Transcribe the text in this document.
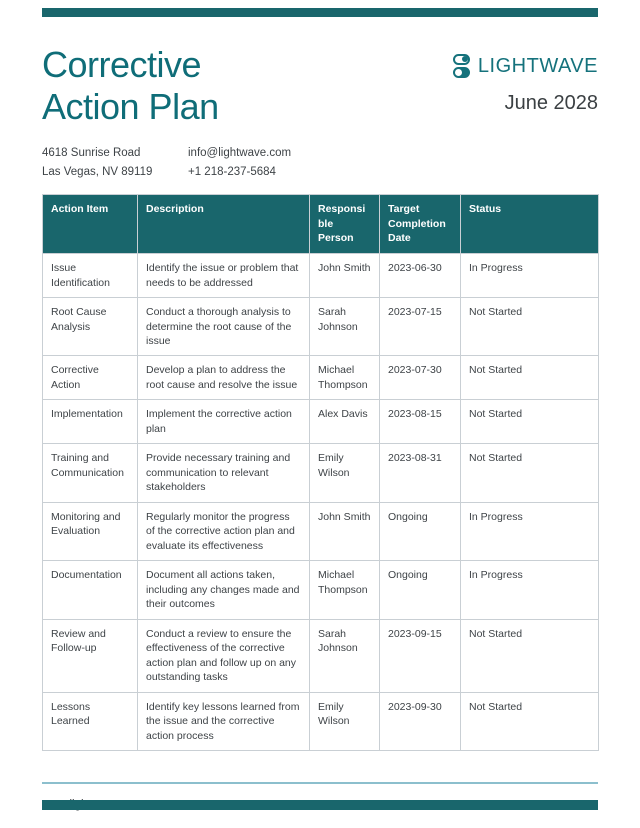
Corrective
Action Plan
LIGHTWAVE
June 2028
4618 Sunrise Road
Las Vegas, NV 89119
info@lightwave.com
+1 218-237-5684
Action Item	Description	Responsible Person	Target Completion Date	Status
Issue Identification	Identify the issue or problem that needs to be addressed	John Smith	2023-06-30	In Progress
Root Cause Analysis	Conduct a thorough analysis to determine the root cause of the issue	Sarah Johnson	2023-07-15	Not Started
Corrective Action	Develop a plan to address the root cause and resolve the issue	Michael Thompson	2023-07-30	Not Started
Implementation	Implement the corrective action plan	Alex Davis	2023-08-15	Not Started
Training and Communication	Provide necessary training and communication to relevant stakeholders	Emily Wilson	2023-08-31	Not Started
Monitoring and Evaluation	Regularly monitor the progress of the corrective action plan and evaluate its effectiveness	John Smith	Ongoing	In Progress
Documentation	Document all actions taken, including any changes made and their outcomes	Michael Thompson	Ongoing	In Progress
Review and Follow-up	Conduct a review to ensure the effectiveness of the corrective action plan and follow up on any outstanding tasks	Sarah Johnson	2023-09-15	Not Started
Lessons Learned	Identify key lessons learned from the issue and the corrective action process	Emily Wilson	2023-09-30	Not Started
